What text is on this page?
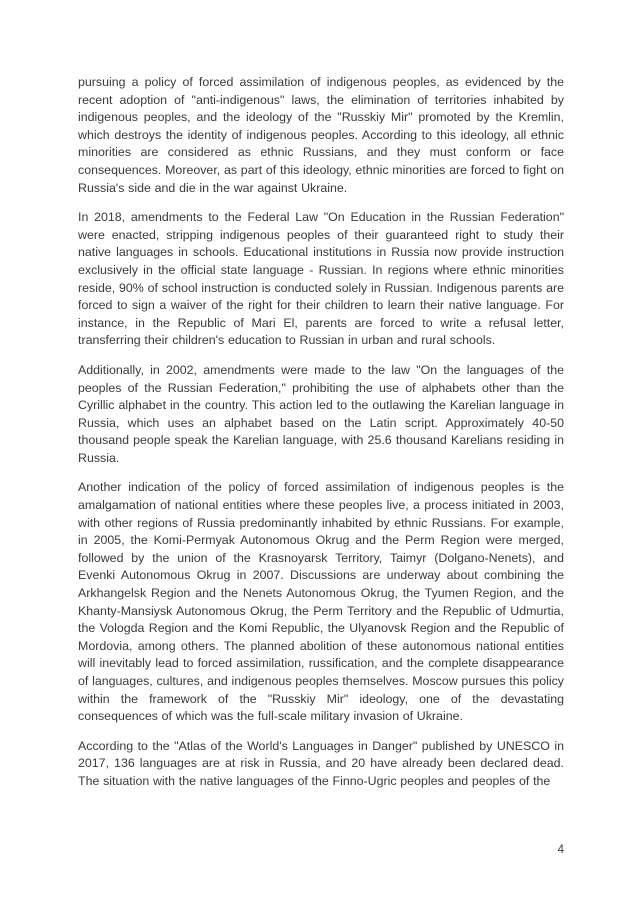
pursuing a policy of forced assimilation of indigenous peoples, as evidenced by the recent adoption of "anti-indigenous" laws, the elimination of territories inhabited by indigenous peoples, and the ideology of the "Russkiy Mir" promoted by the Kremlin, which destroys the identity of indigenous peoples. According to this ideology, all ethnic minorities are considered as ethnic Russians, and they must conform or face consequences. Moreover, as part of this ideology, ethnic minorities are forced to fight on Russia's side and die in the war against Ukraine.

In 2018, amendments to the Federal Law "On Education in the Russian Federation" were enacted, stripping indigenous peoples of their guaranteed right to study their native languages in schools. Educational institutions in Russia now provide instruction exclusively in the official state language - Russian. In regions where ethnic minorities reside, 90% of school instruction is conducted solely in Russian. Indigenous parents are forced to sign a waiver of the right for their children to learn their native language. For instance, in the Republic of Mari El, parents are forced to write a refusal letter, transferring their children's education to Russian in urban and rural schools.

Additionally, in 2002, amendments were made to the law "On the languages of the peoples of the Russian Federation," prohibiting the use of alphabets other than the Cyrillic alphabet in the country. This action led to the outlawing the Karelian language in Russia, which uses an alphabet based on the Latin script. Approximately 40-50 thousand people speak the Karelian language, with 25.6 thousand Karelians residing in Russia.

Another indication of the policy of forced assimilation of indigenous peoples is the amalgamation of national entities where these peoples live, a process initiated in 2003, with other regions of Russia predominantly inhabited by ethnic Russians. For example, in 2005, the Komi-Permyak Autonomous Okrug and the Perm Region were merged, followed by the union of the Krasnoyarsk Territory, Taimyr (Dolgano-Nenets), and Evenki Autonomous Okrug in 2007. Discussions are underway about combining the Arkhangelsk Region and the Nenets Autonomous Okrug, the Tyumen Region, and the Khanty-Mansiysk Autonomous Okrug, the Perm Territory and the Republic of Udmurtia, the Vologda Region and the Komi Republic, the Ulyanovsk Region and the Republic of Mordovia, among others. The planned abolition of these autonomous national entities will inevitably lead to forced assimilation, russification, and the complete disappearance of languages, cultures, and indigenous peoples themselves. Moscow pursues this policy within the framework of the "Russkiy Mir" ideology, one of the devastating consequences of which was the full-scale military invasion of Ukraine.

According to the "Atlas of the World's Languages in Danger" published by UNESCO in 2017, 136 languages are at risk in Russia, and 20 have already been declared dead. The situation with the native languages of the Finno-Ugric peoples and peoples of the

4
